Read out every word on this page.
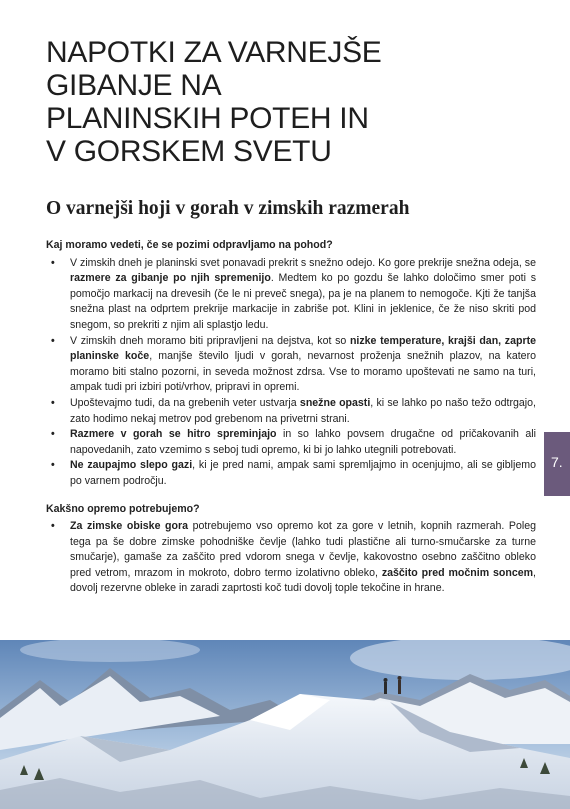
NAPOTKI ZA VARNEJŠE
GIBANJE NA
PLANINSKIH POTEH IN
V GORSKEM SVETU
O varnejši hoji v gorah v zimskih razmerah

Kaj moramo vedeti, če se pozimi odpravljamo na pohod?

• V zimskih dneh je planinski svet ponavadi prekrit s snežno odejo. Ko gore prekrije snežna odeja, se razmere za gibanje po njih spremenijo. Medtem ko po gozdu še lahko določimo smer poti s pomočjo markacij na drevesih (če le ni preveč snega), pa je na planem to nemogoče. Kjti že tanjša snežna plast na odprtem prekrije markacije in zabriše pot. Klini in jeklenice, če že niso skriti pod snegom, so prekriti z njim ali splastjo ledu.
• V zimskih dneh moramo biti pripravljeni na dejstva, kot so nizke temperature, krajši dan, zaprte planinske koče, manjše število ljudi v gorah, nevarnost proženja snežnih plazov, na katero moramo biti stalno pozorni, in seveda možnost zdrsa. Vse to moramo upoštevati ne samo na turi, ampak tudi pri izbiri poti/vrhov, pripravi in opremi.
• Upoštevajmo tudi, da na grebenih veter ustvarja snežne opasti, ki se lahko po našo težo odtrgajo, zato hodimo nekaj metrov pod grebenom na privetrni strani.
• Razmere v gorah se hitro spreminjajo in so lahko povsem drugačne od pričakovanih ali napovedanih, zato vzemimo s seboj tudi opremo, ki bi jo lahko utegnili potrebovati.
• Ne zaupajmo slepo gazi, ki je pred nami, ampak sami spremljajmo in ocenjujmo, ali se gibljemo po varnem področju.

Kakšno opremo potrebujemo?

• Za zimske obiske gora potrebujemo vso opremo kot za gore v letnih, kopnih razmerah. Poleg tega pa še dobre zimske pohodniške čevlje (lahko tudi plastične ali turno-smučarske za turne smučarje), gamaše za zaščito pred vdorom snega v čevlje, kakovostno osebno zaščitno obleko pred vetrom, mrazom in mokroto, dobro termo izolativno obleko, zaščito pred močnim soncem, dovolj rezervne obleke in zaradi zaprtosti koč tudi dovolj tople tekočine in hrane.
7.
